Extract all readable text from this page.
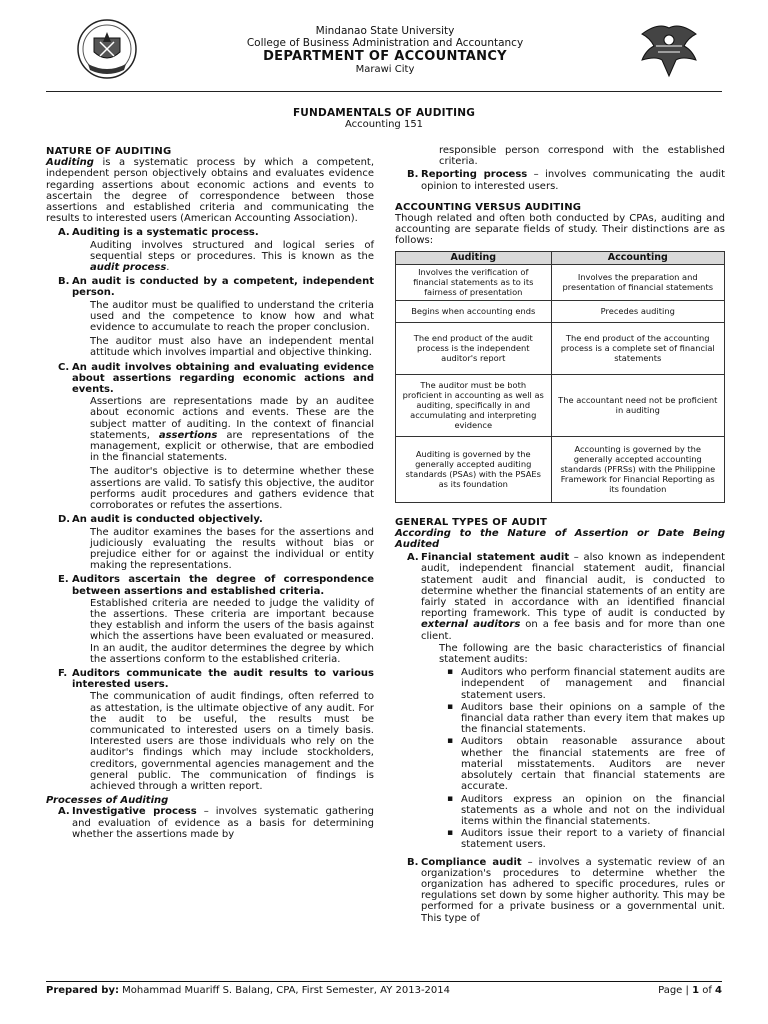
Mindanao State University
College of Business Administration and Accountancy
DEPARTMENT OF ACCOUNTANCY
Marawi City
FUNDAMENTALS OF AUDITING
Accounting 151
NATURE OF AUDITING

Auditing is a systematic process by which a competent, independent person objectively obtains and evaluates evidence regarding assertions about economic actions and events to ascertain the degree of correspondence between those assertions and established criteria and communicating the results to interested users (American Accounting Association).

A. Auditing is a systematic process.

Auditing involves structured and logical series of sequential steps or procedures. This is known as the audit process.

B. An audit is conducted by a competent, independent person.

The auditor must be qualified to understand the criteria used and the competence to know how and what evidence to accumulate to reach the proper conclusion.

The auditor must also have an independent mental attitude which involves impartial and objective thinking.

C. An audit involves obtaining and evaluating evidence about assertions regarding economic actions and events.

Assertions are representations made by an auditee about economic actions and events. These are the subject matter of auditing. In the context of financial statements, assertions are representations of the management, explicit or otherwise, that are embodied in the financial statements.

The auditor's objective is to determine whether these assertions are valid. To satisfy this objective, the auditor performs audit procedures and gathers evidence that corroborates or refutes the assertions.

D. An audit is conducted objectively.

The auditor examines the bases for the assertions and judiciously evaluating the results without bias or prejudice either for or against the individual or entity making the representations.

E. Auditors ascertain the degree of correspondence between assertions and established criteria.

Established criteria are needed to judge the validity of the assertions. These criteria are important because they establish and inform the users of the basis against which the assertions have been evaluated or measured. In an audit, the auditor determines the degree by which the assertions conform to the established criteria.

F. Auditors communicate the audit results to various interested users.

The communication of audit findings, often referred to as attestation, is the ultimate objective of any audit. For the audit to be useful, the results must be communicated to interested users on a timely basis. Interested users are those individuals who rely on the auditor's findings which may include stockholders, creditors, governmental agencies management and the general public. The communication of findings is achieved through a written report.

Processes of Auditing
A. Investigative process – involves systematic gathering and evaluation of evidence as a basis for determining whether the assertions made by

responsible person correspond with the established criteria.

B. Reporting process – involves communicating the audit opinion to interested users.
ACCOUNTING VERSUS AUDITING

Though related and often both conducted by CPAs, auditing and accounting are separate fields of study. Their distinctions are as follows:

Auditing	Accounting
Involves the verification of financial statements as to its fairness of presentation	Involves the preparation and presentation of financial statements
Begins when accounting ends	Precedes auditing
The end product of the audit process is the independent auditor's report	The end product of the accounting process is a complete set of financial statements
The auditor must be both proficient in accounting as well as auditing, specifically in and accumulating and interpreting evidence	The accountant need not be proficient in auditing
Auditing is governed by the generally accepted auditing standards (PSAs) with the PSAEs as its foundation	Accounting is governed by the generally accepted accounting standards (PFRSs) with the Philippine Framework for Financial Reporting as its foundation
GENERAL TYPES OF AUDIT
According to the Nature of Assertion or Date Being Audited
A. Financial statement audit – also known as independent audit, independent financial statement audit, financial statement audit and financial audit, is conducted to determine whether the financial statements of an entity are fairly stated in accordance with an identified financial reporting framework. This type of audit is conducted by external auditors on a fee basis and for more than one client.

The following are the basic characteristics of financial statement audits:

▪ Auditors who perform financial statement audits are independent of management and financial statement users.
▪ Auditors base their opinions on a sample of the financial data rather than every item that makes up the financial statements.
▪ Auditors obtain reasonable assurance about whether the financial statements are free of material misstatements. Auditors are never absolutely certain that financial statements are accurate.
▪ Auditors express an opinion on the financial statements as a whole and not on the individual items within the financial statements.
▪ Auditors issue their report to a variety of financial statement users.
B. Compliance audit – involves a systematic review of an organization's procedures to determine whether the organization has adhered to specific procedures, rules or regulations set down by some higher authority. This may be performed for a private business or a governmental unit. This type of
Prepared by: Mohammad Muariff S. Balang, CPA, First Semester, AY 2013-2014	Page | 1 of 4
